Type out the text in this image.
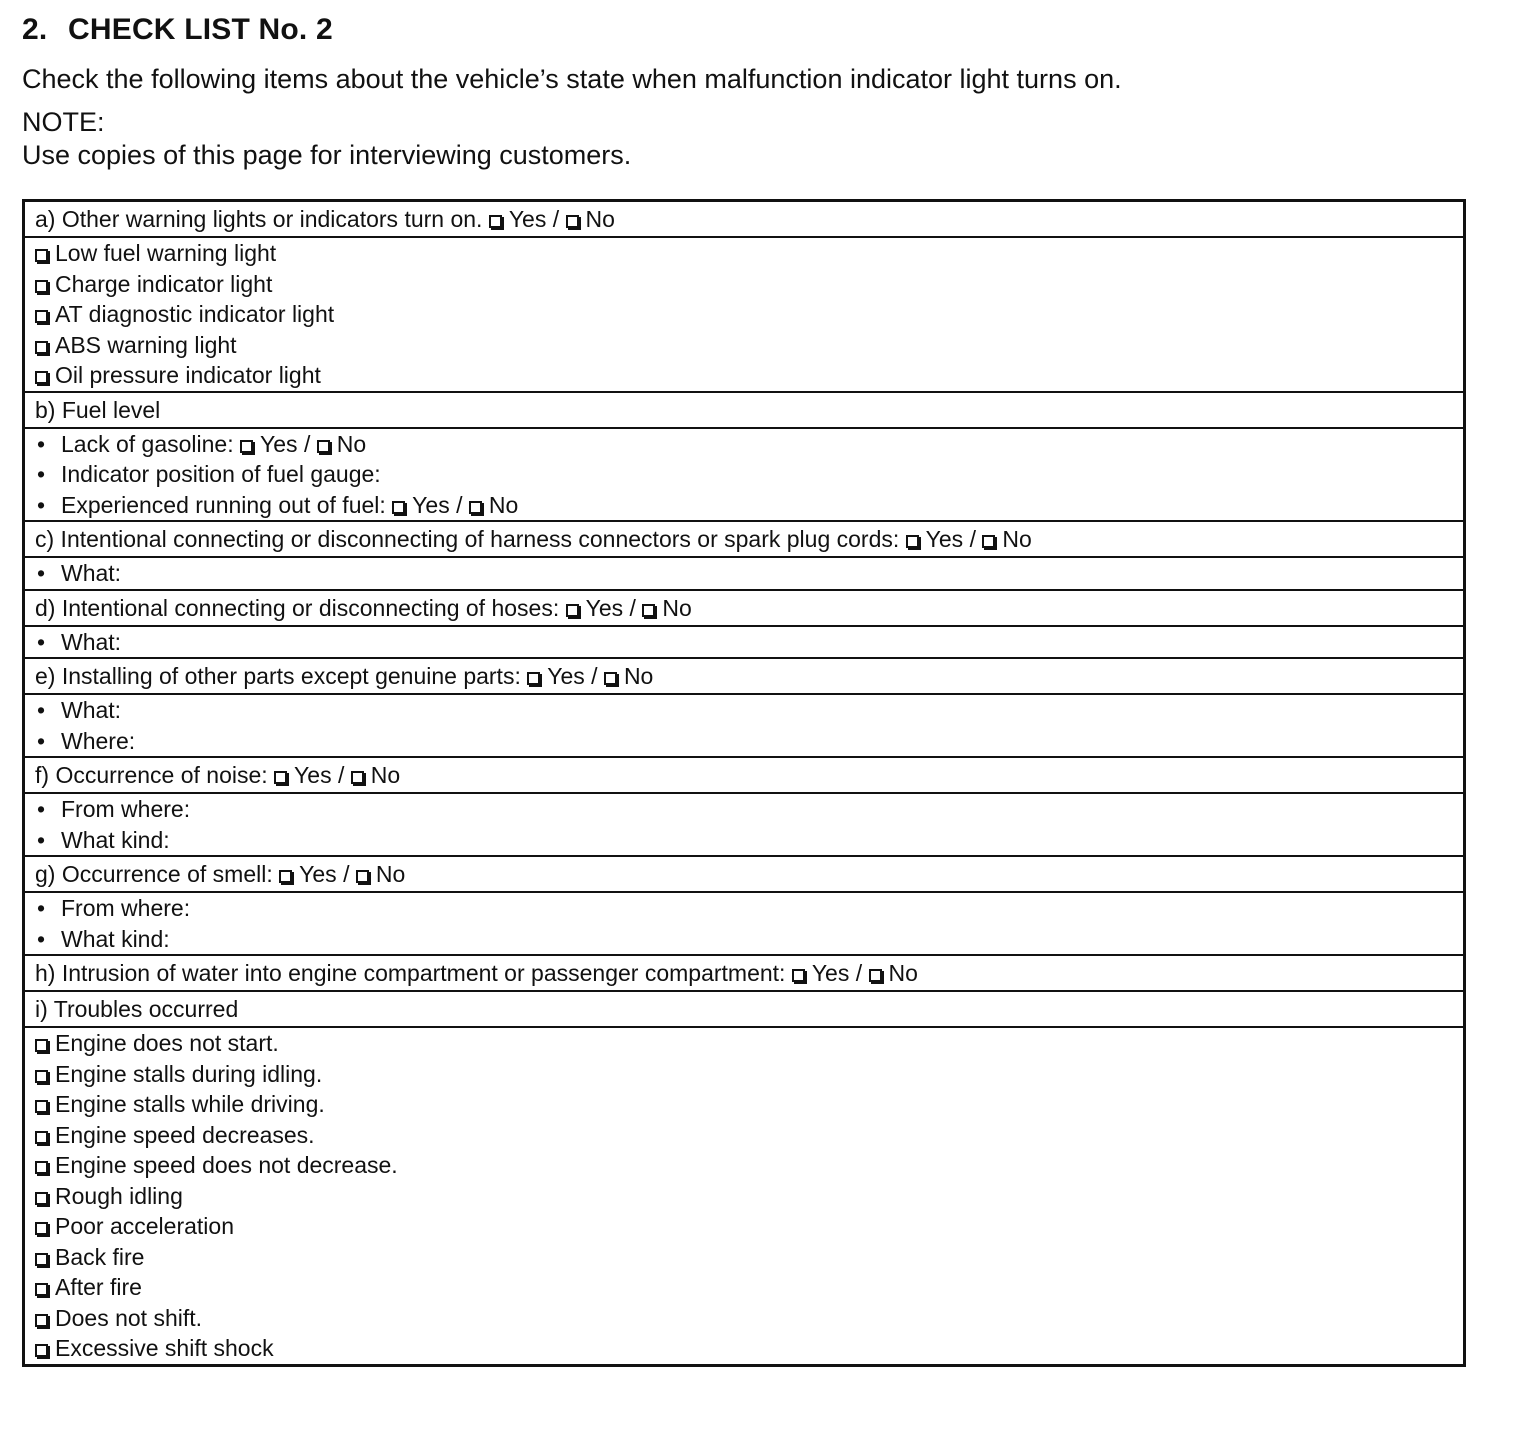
2. CHECK LIST No. 2

Check the following items about the vehicle’s state when malfunction indicator light turns on.

NOTE:

Use copies of this page for interviewing customers.

a) Other warning lights or indicators turn on. Yes / No

Low fuel warning light
Charge indicator light
AT diagnostic indicator light
ABS warning light
Oil pressure indicator light

b) Fuel level

• Lack of gasoline: Yes / No
• Indicator position of fuel gauge:
• Experienced running out of fuel: Yes / No

c) Intentional connecting or disconnecting of harness connectors or spark plug cords: Yes / No

• What:

d) Intentional connecting or disconnecting of hoses: Yes / No

• What:

e) Installing of other parts except genuine parts: Yes / No

• What:
• Where:

f) Occurrence of noise: Yes / No

• From where:
• What kind:

g) Occurrence of smell: Yes / No

• From where:
• What kind:

h) Intrusion of water into engine compartment or passenger compartment: Yes / No
i) Troubles occurred

Engine does not start.
Engine stalls during idling.
Engine stalls while driving.
Engine speed decreases.
Engine speed does not decrease.
Rough idling
Poor acceleration
Back fire
After fire
Does not shift.
Excessive shift shock
